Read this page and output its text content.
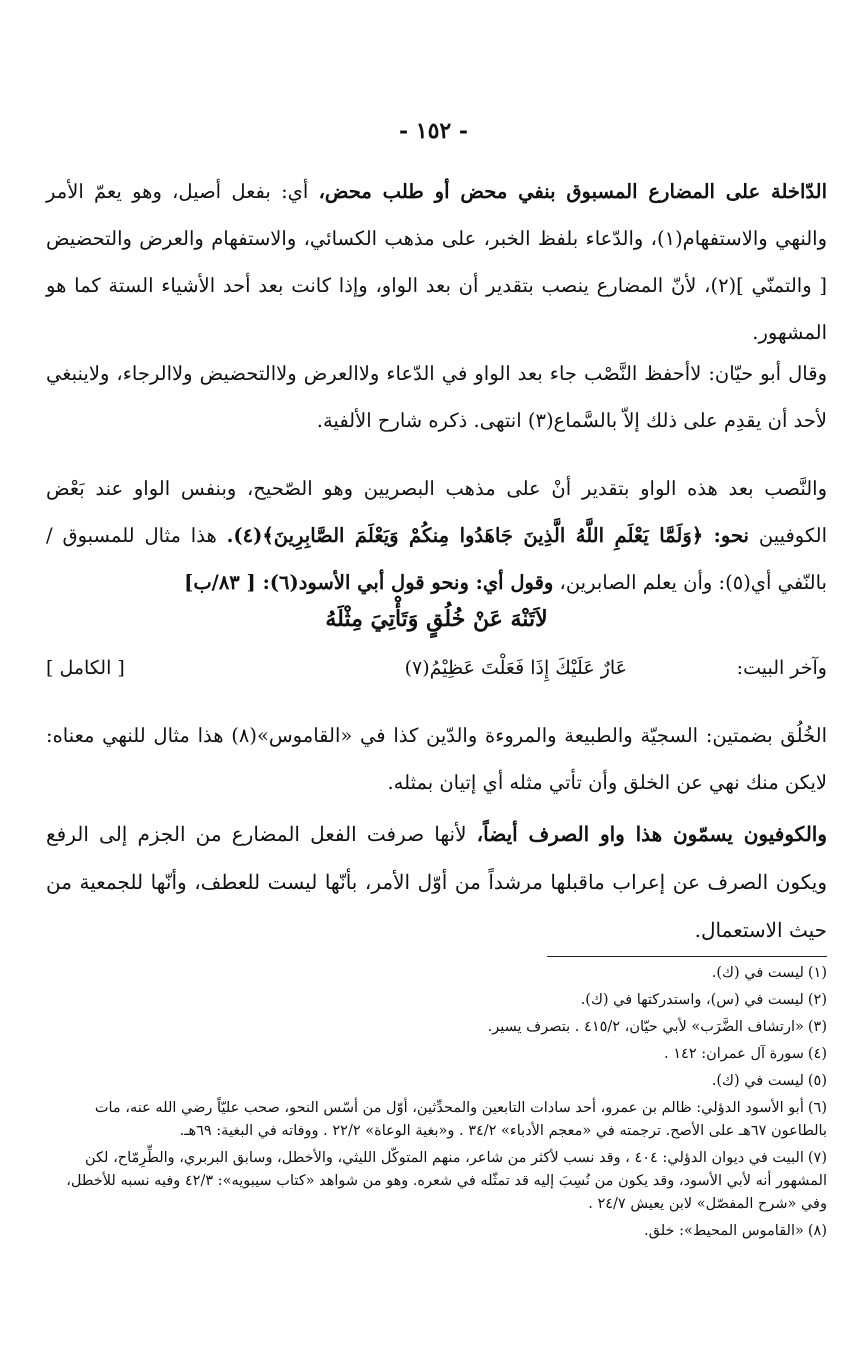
- ١٥٢ -

الدّاخلة على المضارع المسبوق بنفي محض أو طلب محض، أي: بفعل أصيل، وهو يعمّ الأمر والنهي والاستفهام(١)، والدّعاء بلفظ الخبر، على مذهب الكسائي، والاستفهام والعرض والتحضيض [ والتمنّي ](٢)، لأنّ المضارع ينصب بتقدير أن بعد الواو، وإذا كانت بعد أحد الأشياء الستة كما هو المشهور.

وقال أبو حيّان: لاأحفظ النَّصْب جاء بعد الواو في الدّعاء ولاالعرض ولاالتحضيض ولاالرجاء، ولاينبغي لأحد أن يقدِم على ذلك إلاّ بالسَّماع(٣) انتهى. ذكره شارح الألفية.

والنَّصب بعد هذه الواو بتقدير أنْ على مذهب البصريين وهو الصّحيح، وبنفس الواو عند بَعْض الكوفيين نحو: ﴿وَلَمَّا يَعْلَمِ اللَّهُ الَّذِينَ جَاهَدُوا مِنكُمْ وَيَعْلَمَ الصَّابِرِينَ﴾(٤). هذا مثال للمسبوق / بالنّفي أي(٥): وأن يعلم الصابرين، وقول أي: ونحو قول أبي الأسود(٦): [ ٨٣/ب]

لاَتَنْهَ عَنْ خُلُقٍ وَتَأْتِيَ مِثْلَهُ
وآخر البيت:
عَارٌ عَلَيْكَ إِذَا فَعَلْتَ عَظِيْمُ(٧)
[ الكامل ]

الخُلُق بضمتين: السجيّة والطبيعة والمروءة والدّين كذا في «القاموس»(٨) هذا مثال للنهي معناه: لايكن منك نهي عن الخلق وأن تأتي مثله أي إتيان بمثله.

والكوفيون يسمّون هذا واو الصرف أيضاً، لأنها صرفت الفعل المضارع من الجزم إلى الرفع ويكون الصرف عن إعراب ماقبلها مرشداً من أوّل الأمر، بأنّها ليست للعطف، وأنّها للجمعية من حيث الاستعمال.

(١)ليست في (ك).

(٢)ليست في (س)، واستدركتها في (ك).

(٣)«ارتشاف الضَّرَب» لأبي حيّان، ٤١٥/٢ . بتصرف يسير.

(٤)سورة آل عمران: ١٤٢ .

(٥)ليست في (ك).

(٦)أبو الأسود الدؤلي: ظالم بن عمرو، أحد سادات التابعين والمحدِّثين، أوّل من أسّس النحو، صحب عليّاً رضي الله عنه، مات بالطاعون ٦٧هـ على الأصح. ترجمته في «معجم الأدباء» ٣٤/٢ . و«بغية الوعاة» ٢٢/٢ . ووفاته في البغية: ٦٩هـ.

(٧)البيت في ديوان الدؤلي: ٤٠٤ ، وقد نسب لأكثر من شاعر، منهم المتوكّل الليثي، والأخطل، وسابق البربري، والطِّرِمّاح، لكن المشهور أنه لأبي الأسود، وقد يكون من نُسِبَ إليه قد تمثّله في شعره. وهو من شواهد «كتاب سيبويه»: ٤٢/٣ وفيه نسبه للأخطل، وفي «شرح المفصّل» لابن يعيش ٢٤/٧ .

(٨)«القاموس المحيط»: خلق.
